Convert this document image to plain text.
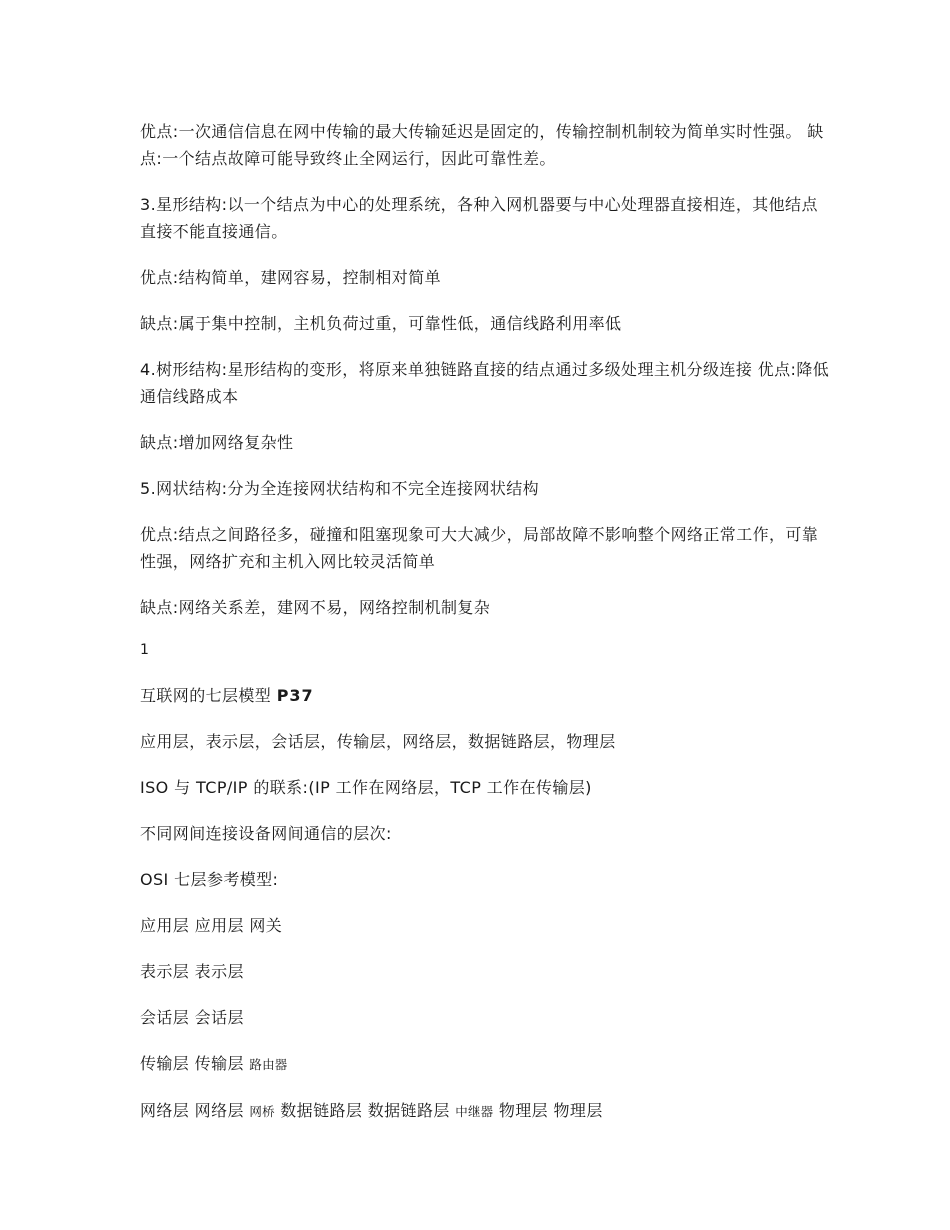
优点:一次通信信息在网中传输的最大传输延迟是固定的，传输控制机制较为简单实时性强。 缺点:一个结点故障可能导致终止全网运行，因此可靠性差。

3.星形结构:以一个结点为中心的处理系统，各种入网机器要与中心处理器直接相连，其他结点直接不能直接通信。

优点:结构简单，建网容易，控制相对简单

缺点:属于集中控制，主机负荷过重，可靠性低，通信线路利用率低

4.树形结构:星形结构的变形，将原来单独链路直接的结点通过多级处理主机分级连接 优点:降低通信线路成本

缺点:增加网络复杂性

5.网状结构:分为全连接网状结构和不完全连接网状结构

优点:结点之间路径多，碰撞和阻塞现象可大大减少，局部故障不影响整个网络正常工作，可靠性强，网络扩充和主机入网比较灵活简单

缺点:网络关系差，建网不易，网络控制机制复杂

1

互联网的七层模型 P37

应用层，表示层，会话层，传输层，网络层，数据链路层，物理层

ISO 与 TCP/IP 的联系:(IP 工作在网络层，TCP 工作在传输层)

不同网间连接设备网间通信的层次:

OSI 七层参考模型:

应用层 应用层 网关

表示层 表示层

会话层 会话层

传输层 传输层 路由器

网络层 网络层 网桥 数据链路层 数据链路层 中继器 物理层 物理层
